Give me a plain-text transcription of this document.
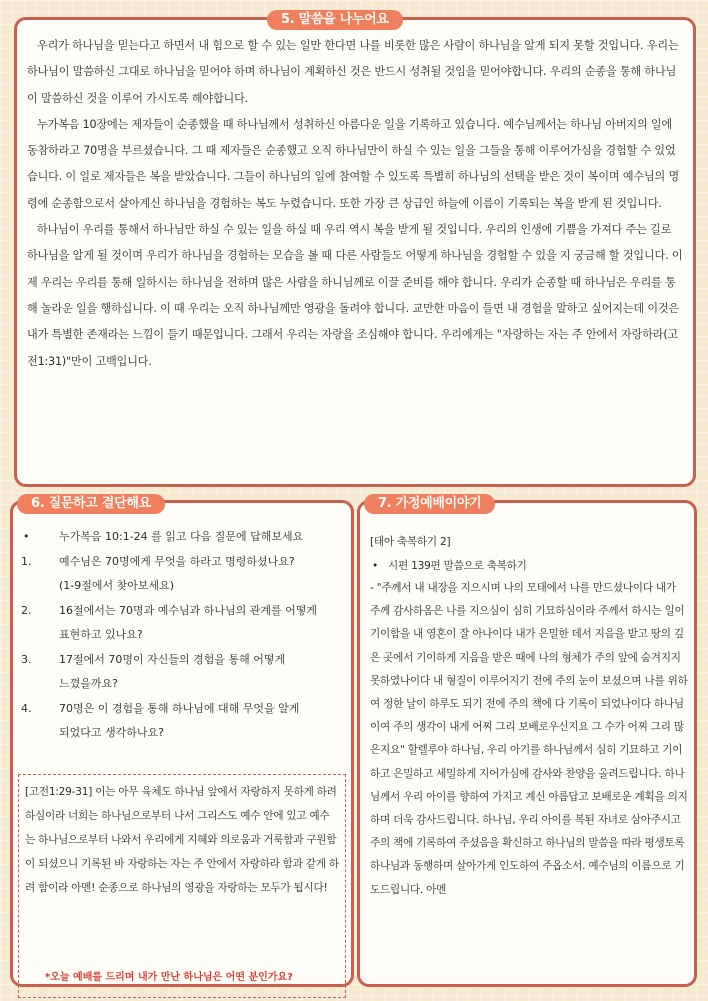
5. 말씀을 나누어요

우리가 하나님을 믿는다고 하면서 내 힘으로 할 수 있는 일만 한다면 나를 비롯한 많은 사람이 하나님을 알게 되지 못할 것입니다. 우리는 하나님이 말씀하신 그대로 하나님을 믿어야 하며 하나님이 계획하신 것은 반드시 성취될 것임을 믿어야합니다. 우리의 순종을 통해 하나님이 말씀하신 것을 이루어 가시도록 해야합니다.

누가복음 10장에는 제자들이 순종했을 때 하나님께서 성취하신 아름다운 일을 기록하고 있습니다. 예수님께서는 하나님 아버지의 일에 동참하라고 70명을 부르셨습니다. 그 때 제자들은 순종했고 오직 하나님만이 하실 수 있는 일을 그들을 통해 이루어가심을 경험할 수 있었습니다. 이 일로 제자들은 복을 받았습니다. 그들이 하나님의 일에 참여할 수 있도록 특별히 하나님의 선택을 받은 것이 복이며 예수님의 명령에 순종함으로서 살아계신 하나님을 경험하는 복도 누렸습니다. 또한 가장 큰 상급인 하늘에 이름이 기록되는 복을 받게 된 것입니다.

하나님이 우리를 통해서 하나님만 하실 수 있는 일을 하실 때 우리 역시 복을 받게 될 것입니다. 우리의 인생에 기쁨을 가져다 주는 길로 하나님을 알게 될 것이며 우리가 하나님을 경험하는 모습을 볼 때 다른 사람들도 어떻게 하나님을 경험할 수 있을 지 궁금해 할 것입니다. 이제 우리는 우리를 통해 일하시는 하나님을 전하며 많은 사람을 하니님께로 이끌 준비를 해야 합니다. 우리가 순종할 때 하나님은 우리를 통해 놀라운 일을 행하십니다. 이 때 우리는 오직 하나님께만 영광을 돌려야 합니다. 교만한 마음이 들면 내 경험을 말하고 싶어지는데 이것은 내가 특별한 존재라는 느낌이 들기 때문입니다. 그래서 우리는 자랑을 조심해야 합니다. 우리에게는 "자랑하는 자는 주 안에서 자랑하라(고전1:31)"만이 고백입니다.

6. 질문하고 결단해요
•	누가복음 10:1-24 를 읽고 다음 질문에 답해보세요
1.	예수님은 70명에게 무엇을 하라고 명령하셨나요?
(1-9절에서 찾아보세요)
2.	16절에서는 70명과 예수님과 하나님의 관계를 어떻게
표현하고 있나요?
3.	17절에서 70명이 자신들의 경험을 통해 어떻게
느꼈을까요?
4.	70명은 이 경험을 통해 하나님에 대해 무엇을 알게
되었다고 생각하나요?
[고전1:29-31] 이는 아무 육체도 하나님 앞에서 자랑하지 못하게 하려 하심이라 너희는 하나님으로부터 나서 그리스도 예수 안에 있고 예수는 하나님으로부터 나와서 우리에게 지혜와 의로움과 거룩함과 구원함이 되셨으니 기록된 바 자랑하는 자는 주 안에서 자랑하라 함과 같게 하려 함이라 아멘! 순종으로 하나님의 영광을 자랑하는 모두가 됩시다!
*오늘 예배를 드리며 내가 만난 하나님은 어떤 분인가요?
7. 가정예배이야기
[태아 축복하기 2]
• 시편 139편 말씀으로 축복하기
- "주께서 내 내장을 지으시며 나의 모태에서 나를 만드셨나이다 내가 주께 감사하옴은 나를 지으심이 심히 기묘하심이라 주께서 하시는 일이 기이함을 내 영혼이 잘 아나이다 내가 은밀한 데서 지음을 받고 땅의 깊은 곳에서 기이하게 지음을 받은 때에 나의 형체가 주의 앞에 숨겨지지 못하였나이다 내 형질이 이루어지기 전에 주의 눈이 보셨으며 나를 위하여 정한 날이 하루도 되기 전에 주의 책에 다 기록이 되었나이다 하나님이여 주의 생각이 내게 어찌 그리 보배로우신지요 그 수가 어찌 그리 많은지요" 할렐루야 하나님, 우리 아기를 하나님께서 심히 기묘하고 기이하고 은밀하고 세밀하게 지어가심에 감사와 찬양을 올려드립니다. 하나님께서 우리 아이를 향하여 가지고 계신 아름답고 보배로운 계획을 의지하며 더욱 감사드립니다. 하나님, 우리 아이를 복된 자녀로 삼아주시고 주의 책에 기록하여 주셨음을 확신하고 하나님의 말씀을 따라 평생토록 하나님과 동행하며 살아가게 인도하여 주옵소서. 예수님의 이름으로 기도드립니다. 아멘
